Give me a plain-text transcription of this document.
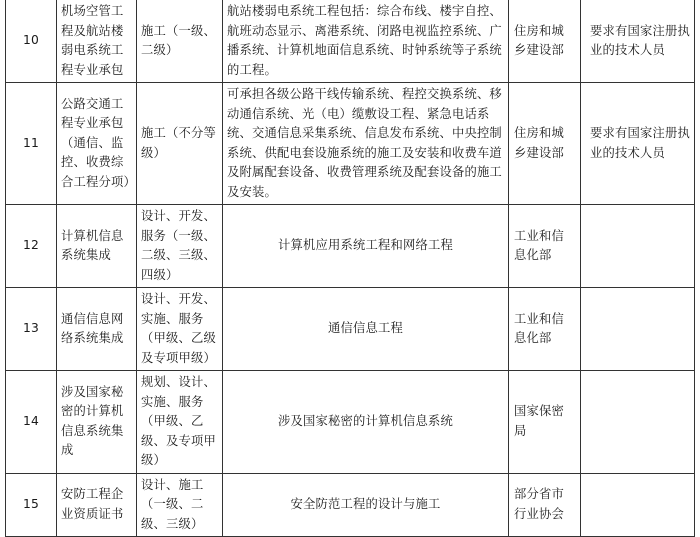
10	机场空管工程及航站楼弱电系统工程专业承包	施工（一级、二级）	航站楼弱电系统工程包括：综合布线、楼宇自控、航班动态显示、离港系统、闭路电视监控系统、广播系统、计算机地面信息系统、时钟系统等子系统的工程。	住房和城乡建设部	要求有国家注册执业的技术人员
11	公路交通工程专业承包（通信、监控、收费综合工程分项）	施工（不分等级）	可承担各级公路干线传输系统、程控交换系统、移动通信系统、光（电）缆敷设工程、紧急电话系统、交通信息采集系统、信息发布系统、中央控制系统、供配电套设施系统的施工及安装和收费车道及附属配套设备、收费管理系统及配套设备的施工及安装。	住房和城乡建设部	要求有国家注册执业的技术人员
12	计算机信息系统集成	设计、开发、服务（一级、二级、三级、四级）	计算机应用系统工程和网络工程	工业和信息化部	
13	通信信息网络系统集成	设计、开发、实施、服务（甲级、乙级及专项甲级）	通信信息工程	工业和信息化部	
14	涉及国家秘密的计算机信息系统集成	规划、设计、实施、服务（甲级、乙级、及专项甲级）	涉及国家秘密的计算机信息系统	国家保密局	
15	安防工程企业资质证书	设计、施工（一级、二级、三级）	安全防范工程的设计与施工	部分省市行业协会	
